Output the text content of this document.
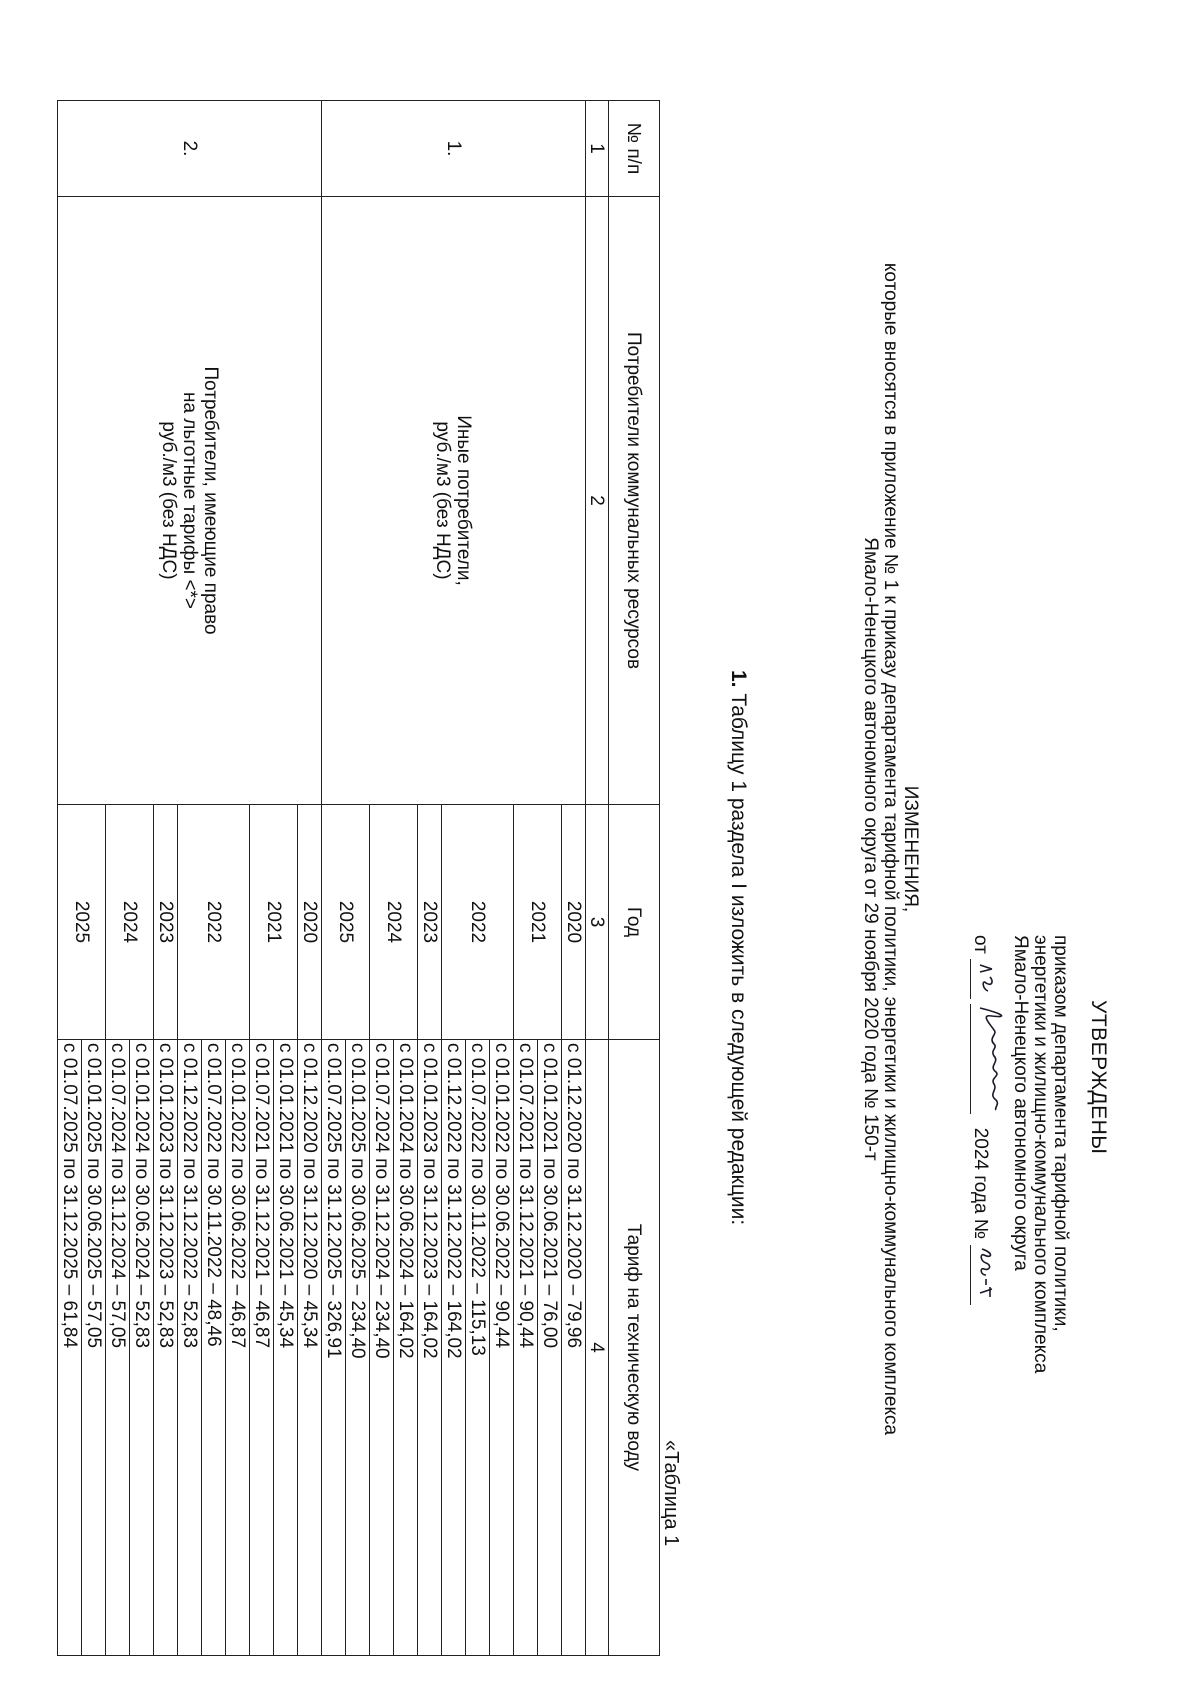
УТВЕРЖДЕНЫ
приказом департамента тарифной политики,
энергетики и жилищно-коммунального комплекса
Ямало-Ненецкого автономного округа
от   2024 года №
ИЗМЕНЕНИЯ,
которые вносятся в приложение № 1 к приказу департамента тарифной политики, энергетики и жилищно-коммунального комплекса
Ямало-Ненецкого автономного округа от 29 ноября 2020 года № 150-т
1. Таблицу 1 раздела I изложить в следующей редакции:
«Таблица 1
№ п/п	Потребители коммунальных ресурсов	Год	Тариф на техническую воду
1	2	3	4
1.	Иные потребители,
руб./м3 (без НДС)	2020	с 01.12.2020 по 31.12.2020 – 79,96
		2021	с 01.01.2021 по 30.06.2021 – 76,00
			с 01.07.2021 по 31.12.2021 – 90,44
		2022	с 01.01.2022 по 30.06.2022 – 90,44
			с 01.07.2022 по 30.11.2022 – 115,13
			с 01.12.2022 по 31.12.2022 – 164,02
		2023	с 01.01.2023 по 31.12.2023 – 164,02
		2024	с 01.01.2024 по 30.06.2024 – 164,02
			с 01.07.2024 по 31.12.2024 – 234,40
		2025	с 01.01.2025 по 30.06.2025 – 234,40
			с 01.07.2025 по 31.12.2025 – 326,91
2.	Потребители, имеющие право
на льготные тарифы <*>
руб./м3 (без НДС)	2020	с 01.12.2020 по 31.12.2020 – 45,34
		2021	с 01.01.2021 по 30.06.2021 – 45,34
			с 01.07.2021 по 31.12.2021 – 46,87
		2022	с 01.01.2022 по 30.06.2022 – 46,87
			с 01.07.2022 по 30.11.2022 – 48,46
			с 01.12.2022 по 31.12.2022 – 52,83
		2023	с 01.01.2023 по 31.12.2023 – 52,83
		2024	с 01.01.2024 по 30.06.2024 – 52,83
			с 01.07.2024 по 31.12.2024 – 57,05
		2025	с 01.01.2025 по 30.06.2025 – 57,05
			с 01.07.2025 по 31.12.2025 – 61,84
